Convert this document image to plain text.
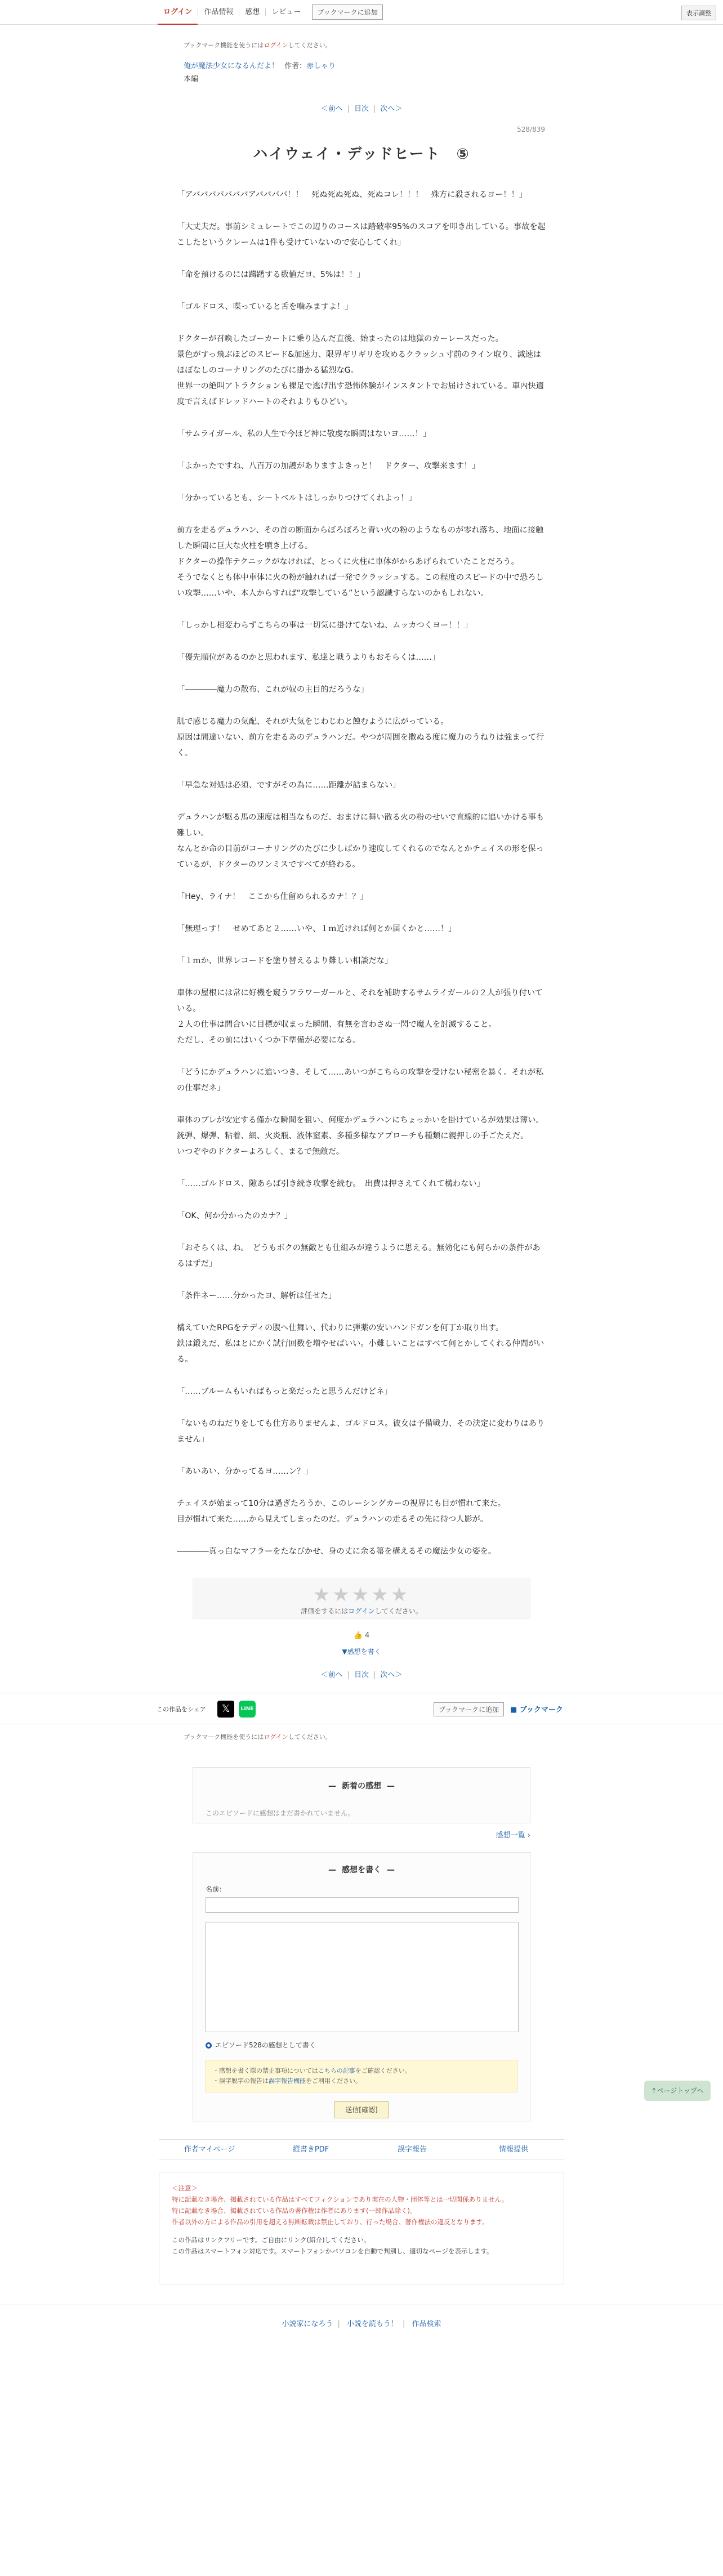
ログイン	作品情報	感想	レビュー	ブックマークに追加	表示調整
ブックマーク機能を使うにはログインしてください。
俺が魔法少女になるんだよ！ 作者：赤しゃり
本編
＜前へ | 目次 | 次へ＞
528/839
ハイウェイ・デッドヒート　⑤

「アバババババババアババババ！！　死ぬ死ぬ死ぬ、死ぬコレ！！！　殊方に殺されるヨー！！」

「大丈夫だ。事前シミュレートでこの辺りのコースは踏破率95%のスコアを叩き出している。事故を起こしたというクレームは1件も受けていないので安心してくれ」

「命を預けるのには躊躇する数値だヨ、5%は！！」

「ゴルドロス、喋っていると舌を噛みますよ！」

ドクターが召喚したゴーカートに乗り込んだ直後、始まったのは地獄のカーレースだった。
景色がすっ飛ぶほどのスピード&加速力、限界ギリギリを攻めるクラッシュ寸前のライン取り、減速はほぼなしのコーナリングのたびに掛かる猛烈なG。
世界一の絶叫アトラクションも裸足で逃げ出す恐怖体験がインスタントでお届けされている。車内快適度で言えばドレッドハートのそれよりもひどい。

「サムライガール、私の人生で今ほど神に敬虔な瞬間はないヨ……！」

「よかったですね、八百万の加護がありますよきっと！　ドクター、攻撃来ます！」

「分かっているとも、シートベルトはしっかりつけてくれよっ！」

前方を走るデュラハン、その首の断面からぼろぼろと青い火の粉のようなものが零れ落ち、地面に接触した瞬間に巨大な火柱を噴き上げる。
ドクターの操作テクニックがなければ、とっくに火柱に車体がからあげられていたことだろう。
そうでなくとも体中車体に火の粉が触れれば一発でクラッシュする。この程度のスピードの中で恐ろしい攻撃……いや、本人からすれば“攻撃している”という認識すらないのかもしれない。

「しっかし相変わらずこちらの事は一切気に掛けてないね、ムッカつくヨー！！」

「優先順位があるのかと思われます、私達と戦うよりもおそらくは……」

「――――魔力の散布、これが奴の主目的だろうな」

肌で感じる魔力の気配、それが大気をじわじわと蝕むように広がっている。
原因は間違いない、前方を走るあのデュラハンだ。やつが周囲を撒ぬる度に魔力のうねりは強まって行く。

「早急な対処は必須、ですがその為に……距離が詰まらない」

デュラハンが駆る馬の速度は相当なものだ、おまけに舞い散る火の粉のせいで直線的に追いかける事も難しい。
なんとか命の目前がコーナリングのたびに少しばかり速度してくれるのでなんとかチェイスの形を保っているが、ドクターのワンミスですべてが終わる。

「Hey、ライナ！　ここから仕留められるカナ！？」

「無理っす！　せめてあと２……いや、１ｍ近ければ何とか届くかと……！」

「１ｍか、世界レコードを塗り替えるより難しい相談だな」

車体の屋根には常に好機を窺うフラワーガールと、それを補助するサムライガールの２人が張り付いている。
２人の仕事は間合いに目標が収まった瞬間、有無を言わさぬ一閃で魔人を討滅すること。
ただし、その前にはいくつか下準備が必要になる。

「どうにかデュラハンに追いつき、そして……あいつがこちらの攻撃を受けない秘密を暴く。それが私の仕事だネ」

車体のブレが安定する僅かな瞬間を狙い、何度かデュラハンにちょっかいを掛けているが効果は薄い。
銃弾、爆弾、粘着、網、火炎瓶、液体窒素、多種多様なアプローチも種類に親押しの手ごたえだ。
いつぞやのドクターよろしく、まるで無敵だ。

「……ゴルドロス、隙あらば引き続き攻撃を続む。　出費は押さえてくれて構わない」

「OK、何か分かったのカナ？」

「おそらくは、ね。　どうもボクの無敵とも仕組みが違うように思える。無効化にも何らかの条件があるはずだ」

「条件ネー……分かったヨ、解析は任せた」

構えていたRPGをテディの腹へ仕舞い、代わりに弾薬の安いハンドガンを何丁か取り出す。
鉄は鍛えだ、私はとにかく試行回数を増やせばいい。小難しいことはすべて何とかしてくれる仲間がいる。

「……ブルームもいればもっと楽だったと思うんだけどネ」

「ないものねだりをしても仕方ありませんよ、ゴルドロス。彼女は予備戦力、その決定に変わりはありません」

「あいあい、分かってるヨ……ン？」

チェイスが始まって10分は過ぎたろうか、このレーシングカーの視界にも目が慣れて来た。
目が慣れて来た……から見えてしまったのだ。デュラハンの走るその先に待つ人影が。

――――真っ白なマフラーをたなびかせ、身の丈に余る箒を構えるその魔法少女の姿を。

★★★★★
評価をするにはログインしてください。
👍 4
▼感想を書く
＜前へ | 目次 | 次へ＞
この作品をシェア	𝕏	LINE	ブックマークに追加	■ ブックマーク
ブックマーク機能を使うにはログインしてください。
— 新着の感想 —
このエピソードに感想はまだ書かれていません。
感想一覧 ›
— 感想を書く —
名前：
エピソード528の感想として書く
・感想を書く際の禁止事項についてはこちらの記事をご確認ください。
・誤字脱字の報告は誤字報告機能をご利用ください。
送信[確認]
↑ページトップへ
作者マイページ	縦書きPDF	誤字報告	情報提供
＜注意＞
特に記載なき場合、掲載されている作品はすべてフィクションであり実在の人物・団体等とは一切関係ありません。
特に記載なき場合、掲載されている作品の著作権は作者にあります(一部作品除く)。
作者以外の方による作品の引用を超える無断転載は禁止しており、行った場合、著作権法の違反となります。
この作品はリンクフリーです。ご自由にリンク(紹介)してください。
この作品はスマートフォン対応です。スマートフォンかパソコンを自動で判別し、適切なページを表示します。
小説家になろう | 小説を読もう！ | 作品検索
